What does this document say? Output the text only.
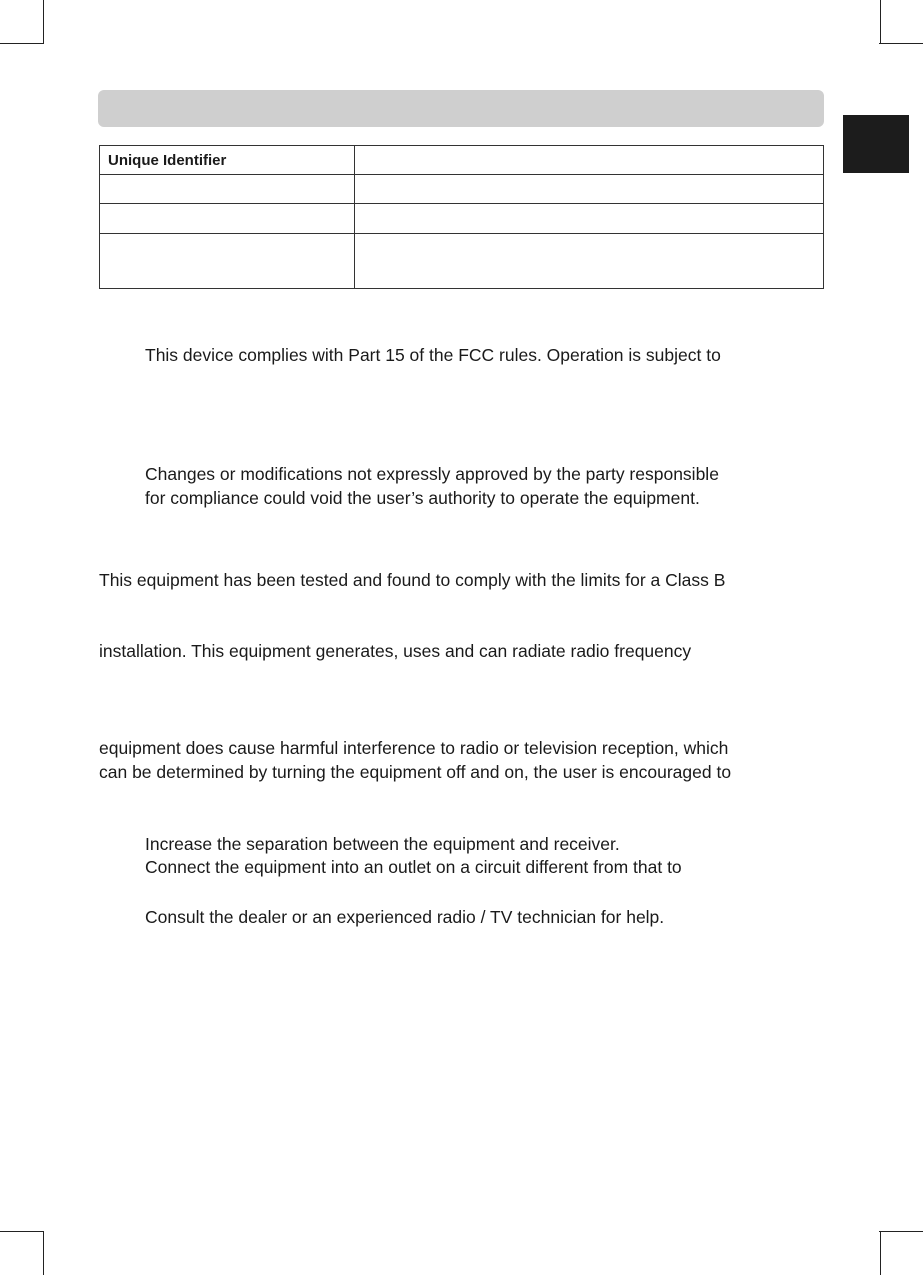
Unique Identifier	

This device complies with Part 15 of the FCC rules. Operation is subject to

Changes or modifications not expressly approved by the party responsible

for compliance could void the user’s authority to operate the equipment.

This equipment has been tested and found to comply with the limits for a Class B

installation. This equipment generates, uses and can radiate radio frequency

equipment does cause harmful interference to radio or television reception, which

can be determined by turning the equipment off and on, the user is encouraged to

Increase the separation between the equipment and receiver.

Connect the equipment into an outlet on a circuit different from that to

Consult the dealer or an experienced radio / TV technician for help.
